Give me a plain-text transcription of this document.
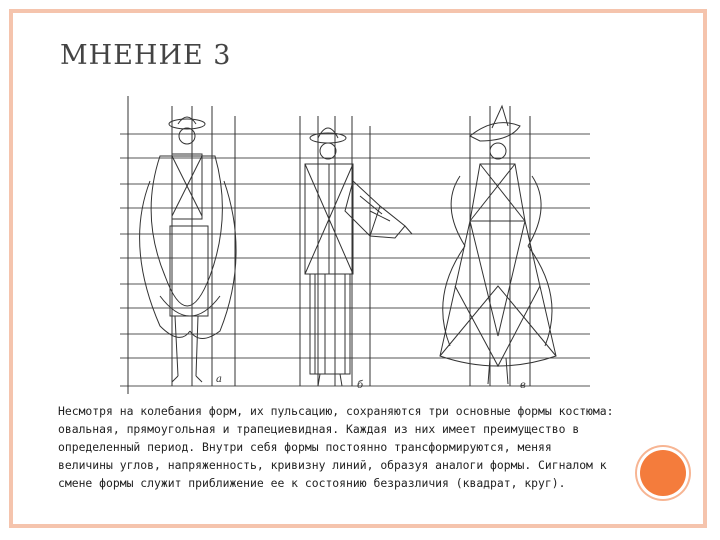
МНЕНИЕ 3
а
б	в

Несмотря на колебания форм, их пульсацию, сохраняются три основные формы костюма:
овальная, прямоугольная и трапециевидная. Каждая из них имеет преимущество в
определенный период. Внутри себя формы постоянно трансформируются, меняя
величины углов, напряженность, кривизну линий, образуя аналоги формы. Сигналом к
смене формы служит приближение ее к состоянию безразличия (квадрат, круг).
